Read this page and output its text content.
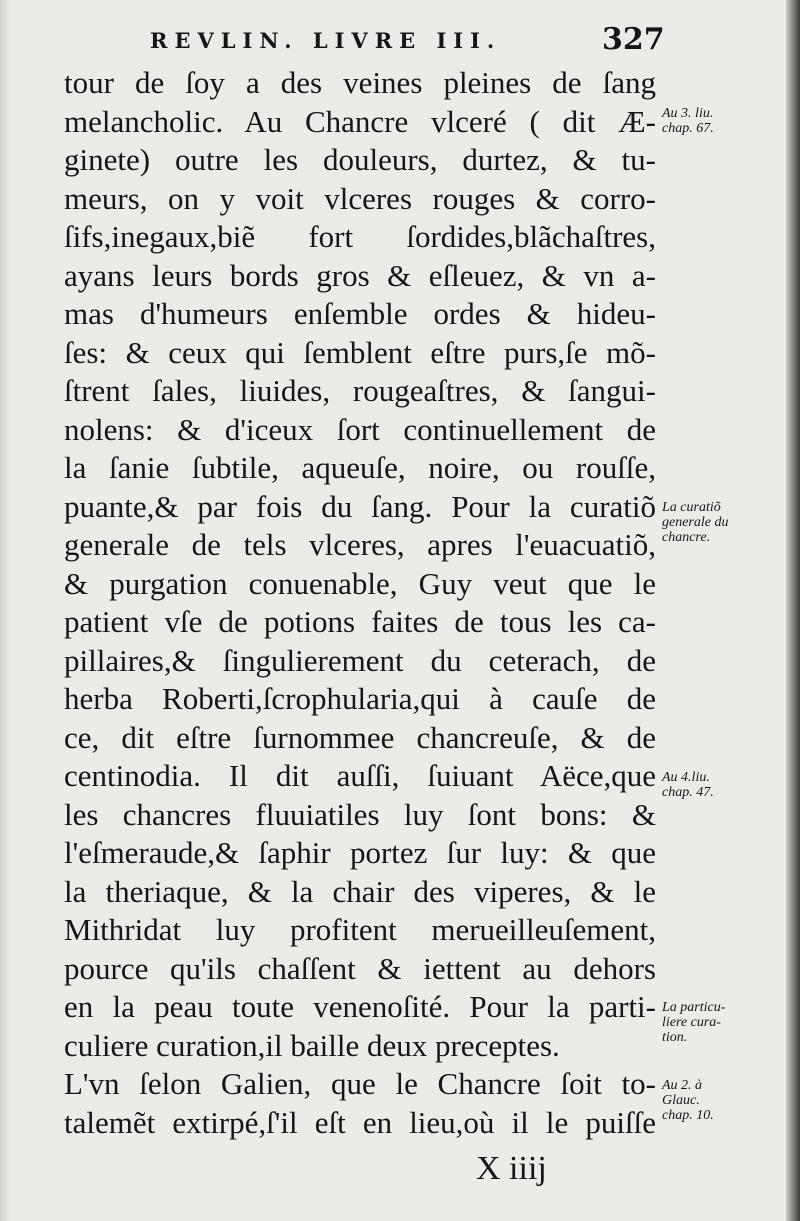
REVLIN. LIVRE III.	327
tour de ſoy a des veines pleines de ſang
melancholic. Au Chancre vlceré ( dit Æ-
ginete) outre les douleurs, durtez, & tu-
meurs, on y voit vlceres rouges & corro-
ſifs,inegaux,biẽ fort ſordides,blãchaſtres,
ayans leurs bords gros & eſleuez, & vn a-
mas d'humeurs enſemble ordes & hideu-
ſes: & ceux qui ſemblent eſtre purs,ſe mõ-
ſtrent ſales, liuides, rougeaſtres, & ſangui-
nolens: & d'iceux ſort continuellement de
la ſanie ſubtile, aqueuſe, noire, ou rouſſe,
puante,& par fois du ſang. Pour la curatiõ
generale de tels vlceres, apres l'euacuatiõ,
& purgation conuenable, Guy veut que le
patient vſe de potions faites de tous les ca-
pillaires,& ſingulierement du ceterach, de
herba Roberti,ſcrophularia,qui à cauſe de
ce, dit eſtre ſurnommee chancreuſe, & de
centinodia. Il dit auſſi, ſuiuant Aëce,que
les chancres fluuiatiles luy ſont bons: &
l'eſmeraude,& ſaphir portez ſur luy: & que
la theriaque, & la chair des viperes, & le
Mithridat luy profitent merueilleuſement,
pource qu'ils chaſſent & iettent au dehors
en la peau toute venenoſité. Pour la parti-
culiere curation,il baille deux preceptes.
L'vn ſelon Galien, que le Chancre ſoit to-
talemẽt extirpé,ſ'il eſt en lieu,où il le puiſſe
Au 3. liu.
chap. 67.
La curatiõ
generale du
chancre.
Au 4.liu.
chap. 47.
La particu-
liere cura-
tion.
Au 2. à
Glauc.
chap. 10.
X iiij
